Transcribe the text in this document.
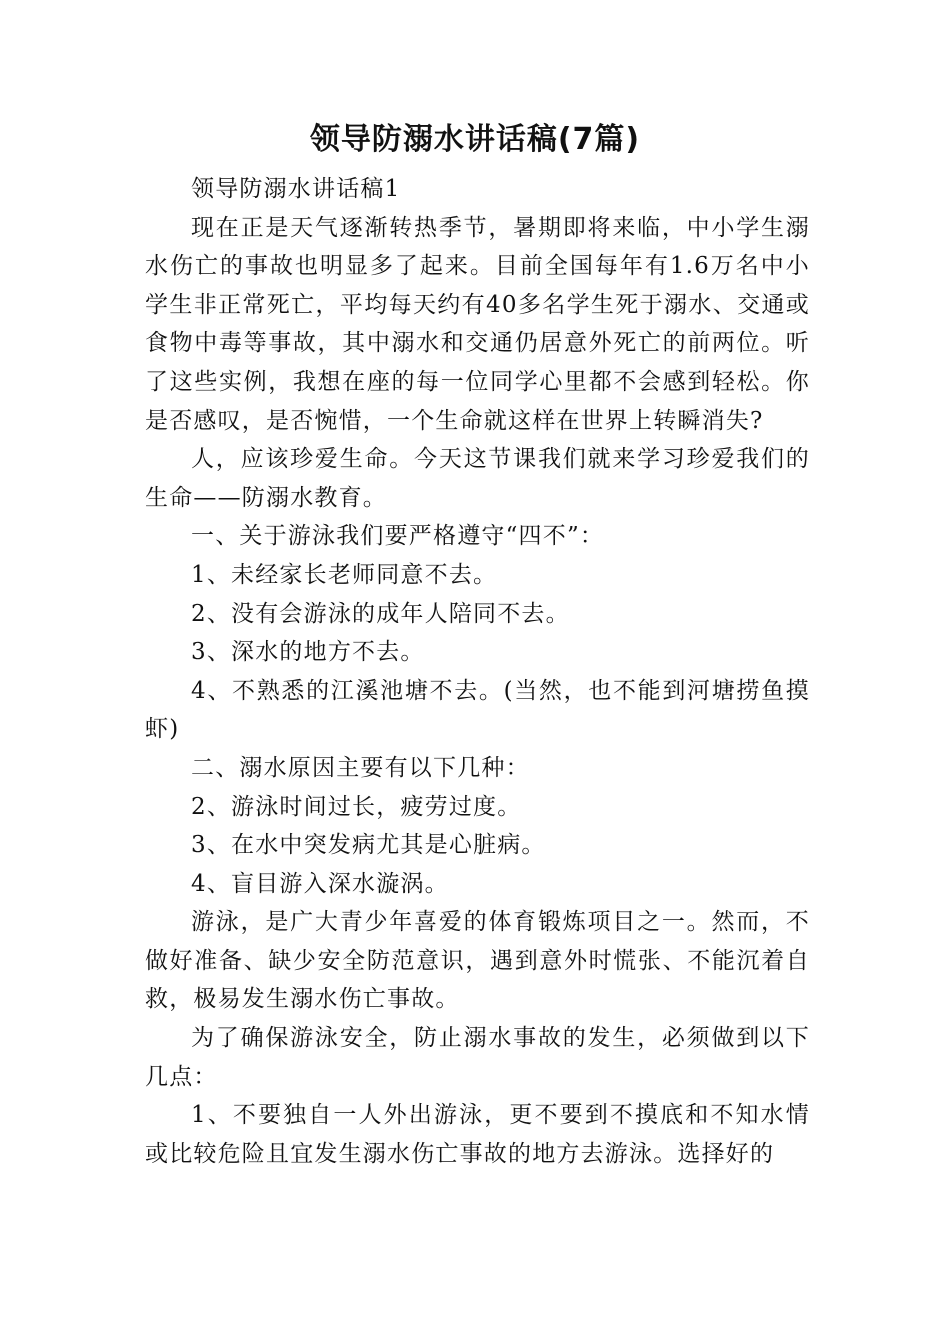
领导防溺水讲话稿(7篇)

领导防溺水讲话稿1

现在正是天气逐渐转热季节，暑期即将来临，中小学生溺水伤亡的事故也明显多了起来。目前全国每年有1.6万名中小学生非正常死亡，平均每天约有40多名学生死于溺水、交通或食物中毒等事故，其中溺水和交通仍居意外死亡的前两位。听了这些实例，我想在座的每一位同学心里都不会感到轻松。你是否感叹，是否惋惜，一个生命就这样在世界上转瞬消失?

人，应该珍爱生命。今天这节课我们就来学习珍爱我们的生命——防溺水教育。

一、关于游泳我们要严格遵守“四不”：

1、未经家长老师同意不去。

2、没有会游泳的成年人陪同不去。

3、深水的地方不去。

4、不熟悉的江溪池塘不去。(当然，也不能到河塘捞鱼摸虾)

二、溺水原因主要有以下几种：

2、游泳时间过长，疲劳过度。

3、在水中突发病尤其是心脏病。

4、盲目游入深水漩涡。

游泳，是广大青少年喜爱的体育锻炼项目之一。然而，不做好准备、缺少安全防范意识，遇到意外时慌张、不能沉着自救，极易发生溺水伤亡事故。

为了确保游泳安全，防止溺水事故的发生，必须做到以下几点：

1、不要独自一人外出游泳，更不要到不摸底和不知水情或比较危险且宜发生溺水伤亡事故的地方去游泳。选择好的
